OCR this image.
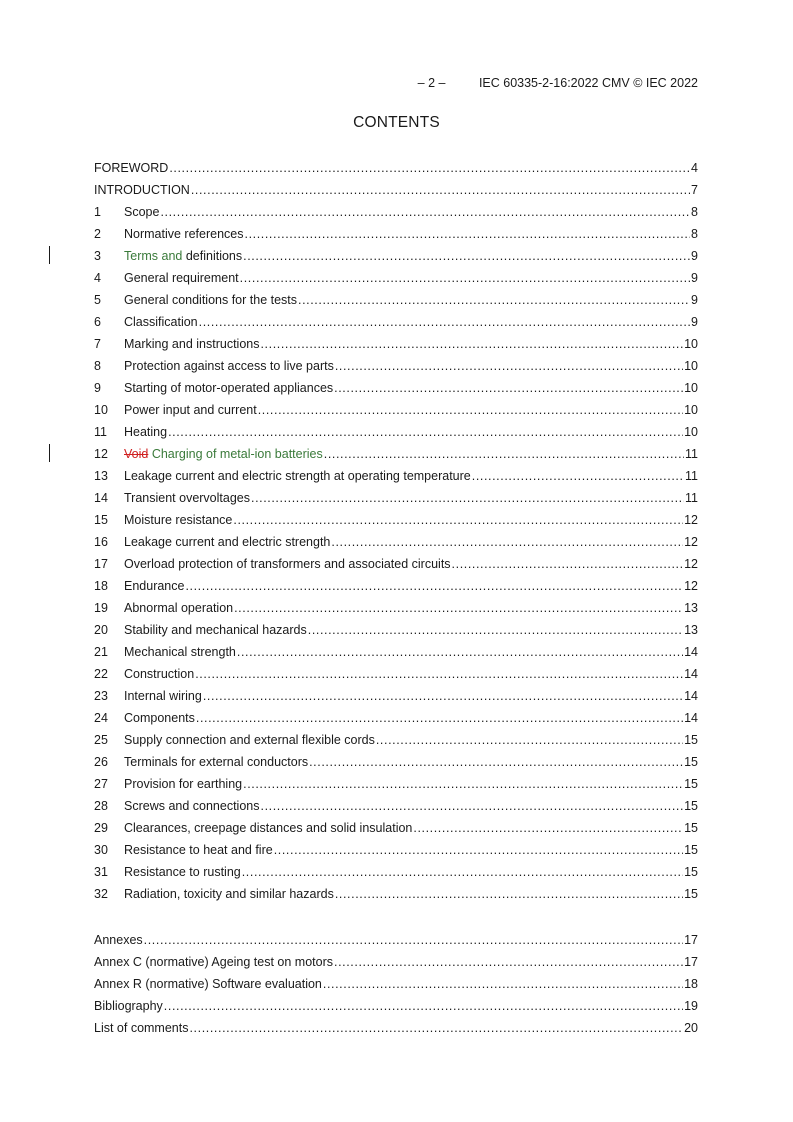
– 2 –	IEC 60335-2-16:2022 CMV © IEC 2022
CONTENTS
FOREWORD .....	4
INTRODUCTION .....	7
1	Scope .....	8
2	Normative references .....	8
3	Terms and definitions .....	9
4	General requirement .....	9
5	General conditions for the tests .....	9
6	Classification .....	9
7	Marking and instructions .....	10
8	Protection against access to live parts .....	10
9	Starting of motor-operated appliances .....	10
10	Power input and current .....	10
11	Heating .....	10
12	Void Charging of metal-ion batteries .....	11
13	Leakage current and electric strength at operating temperature .....	11
14	Transient overvoltages .....	11
15	Moisture resistance .....	12
16	Leakage current and electric strength .....	12
17	Overload protection of transformers and associated circuits .....	12
18	Endurance .....	12
19	Abnormal operation .....	13
20	Stability and mechanical hazards .....	13
21	Mechanical strength .....	14
22	Construction .....	14
23	Internal wiring .....	14
24	Components .....	14
25	Supply connection and external flexible cords .....	15
26	Terminals for external conductors .....	15
27	Provision for earthing .....	15
28	Screws and connections .....	15
29	Clearances, creepage distances and solid insulation .....	15
30	Resistance to heat and fire .....	15
31	Resistance to rusting .....	15
32	Radiation, toxicity and similar hazards .....	15
Annexes .....	17
Annex C (normative) Ageing test on motors .....	17
Annex R (normative) Software evaluation .....	18
Bibliography .....	19
List of comments .....	20
